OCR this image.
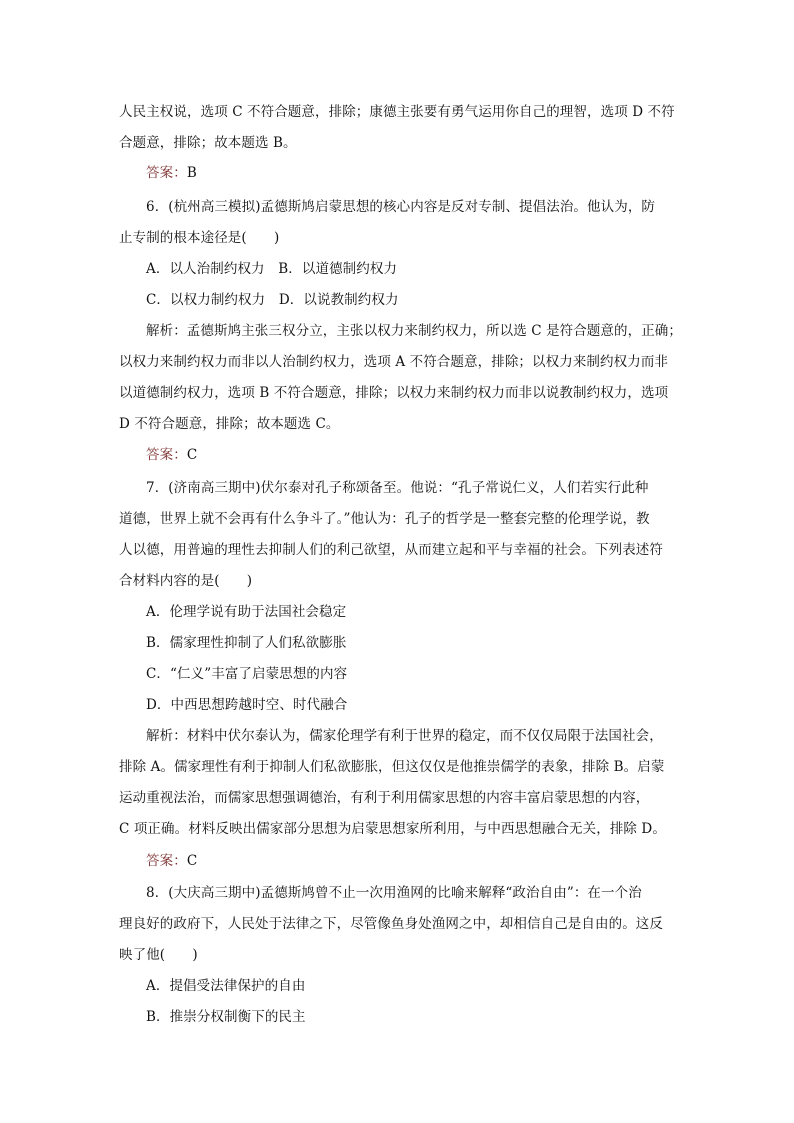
人民主权说，选项 C 不符合题意，排除；康德主张要有勇气运用你自己的理智，选项 D 不符
合题意，排除；故本题选 B。
答案：B
6．(杭州高三模拟)孟德斯鸠启蒙思想的核心内容是反对专制、提倡法治。他认为，防
止专制的根本途径是(　　)
A．以人治制约权力　B．以道德制约权力
C．以权力制约权力　D．以说教制约权力
解析：孟德斯鸠主张三权分立，主张以权力来制约权力，所以选 C 是符合题意的，正确；
以权力来制约权力而非以人治制约权力，选项 A 不符合题意，排除；以权力来制约权力而非
以道德制约权力，选项 B 不符合题意，排除；以权力来制约权力而非以说教制约权力，选项
D 不符合题意，排除；故本题选 C。
答案：C
7．(济南高三期中)伏尔泰对孔子称颂备至。他说：“孔子常说仁义，人们若实行此种
道德，世界上就不会再有什么争斗了。”他认为：孔子的哲学是一整套完整的伦理学说，教
人以德，用普遍的理性去抑制人们的利己欲望，从而建立起和平与幸福的社会。下列表述符
合材料内容的是(　　)
A．伦理学说有助于法国社会稳定
B．儒家理性抑制了人们私欲膨胀
C．“仁义”丰富了启蒙思想的内容
D．中西思想跨越时空、时代融合
解析：材料中伏尔泰认为，儒家伦理学有利于世界的稳定，而不仅仅局限于法国社会，
排除 A。儒家理性有利于抑制人们私欲膨胀，但这仅仅是他推崇儒学的表象，排除 B。启蒙
运动重视法治，而儒家思想强调德治，有利于利用儒家思想的内容丰富启蒙思想的内容，
C 项正确。材料反映出儒家部分思想为启蒙思想家所利用，与中西思想融合无关，排除 D。
答案：C
8．(大庆高三期中)孟德斯鸠曾不止一次用渔网的比喻来解释“政治自由”：在一个治
理良好的政府下，人民处于法律之下，尽管像鱼身处渔网之中，却相信自己是自由的。这反
映了他(　　)
A．提倡受法律保护的自由
B．推崇分权制衡下的民主
